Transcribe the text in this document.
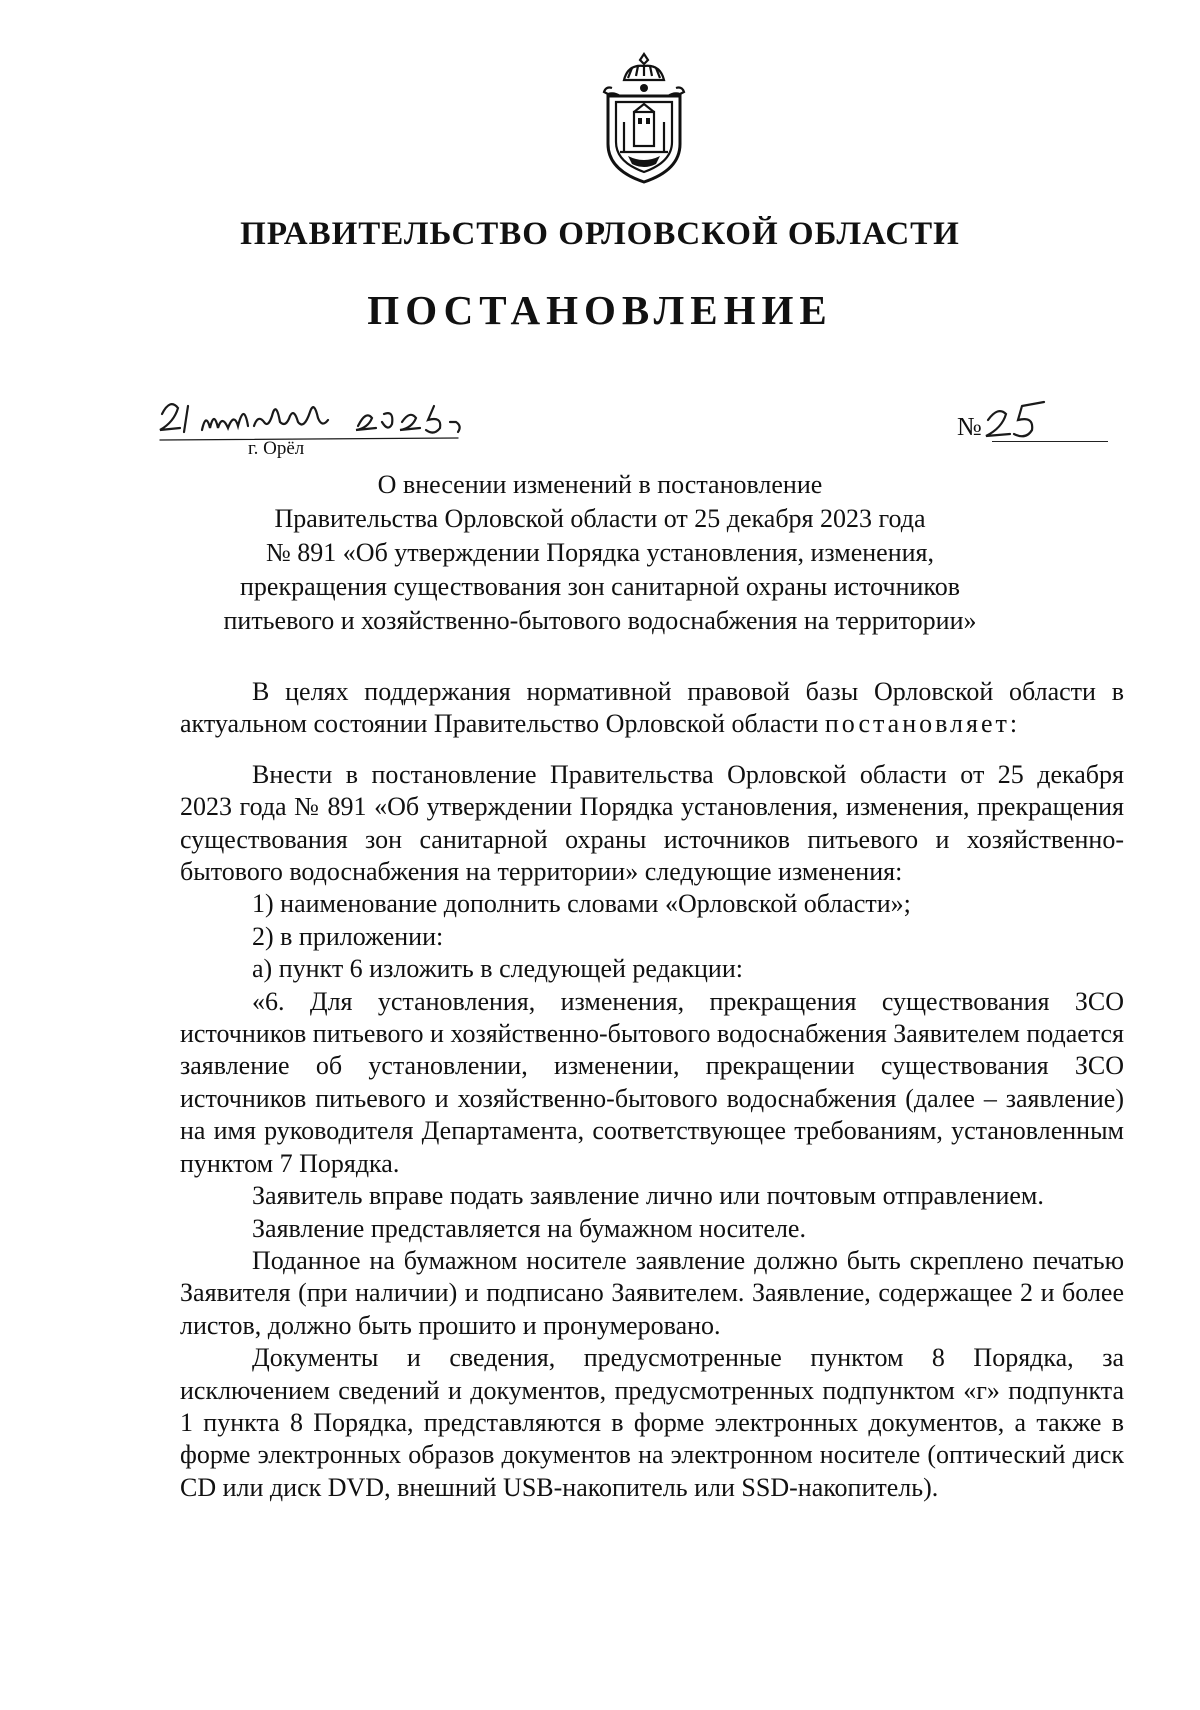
ПРАВИТЕЛЬСТВО ОРЛОВСКОЙ ОБЛАСТИ
ПОСТАНОВЛЕНИЕ
г. Орёл
№
О внесении изменений в постановление
Правительства Орловской области от 25 декабря 2023 года
№ 891 «Об утверждении Порядка установления, изменения,
прекращения существования зон санитарной охраны источников
питьевого и хозяйственно-бытового водоснабжения на территории»

В целях поддержания нормативной правовой базы Орловской области в актуальном состоянии Правительство Орловской области постановляет:

Внести в постановление Правительства Орловской области от 25 декабря 2023 года № 891 «Об утверждении Порядка установления, изменения, прекращения существования зон санитарной охраны источников питьевого и хозяйственно-бытового водоснабжения на территории» следующие изменения:

1) наименование дополнить словами «Орловской области»;

2) в приложении:

а) пункт 6 изложить в следующей редакции:

«6. Для установления, изменения, прекращения существования ЗСО источников питьевого и хозяйственно-бытового водоснабжения Заявителем подается заявление об установлении, изменении, прекращении существования ЗСО источников питьевого и хозяйственно-бытового водоснабжения (далее – заявление) на имя руководителя Департамента, соответствующее требованиям, установленным пунктом 7 Порядка.

Заявитель вправе подать заявление лично или почтовым отправлением.

Заявление представляется на бумажном носителе.

Поданное на бумажном носителе заявление должно быть скреплено печатью Заявителя (при наличии) и подписано Заявителем. Заявление, содержащее 2 и более листов, должно быть прошито и пронумеровано.

Документы и сведения, предусмотренные пунктом 8 Порядка, за исключением сведений и документов, предусмотренных подпунктом «г» подпункта 1 пункта 8 Порядка, представляются в форме электронных документов, а также в форме электронных образов документов на электронном носителе (оптический диск CD или диск DVD, внешний USB-накопитель или SSD-накопитель).
